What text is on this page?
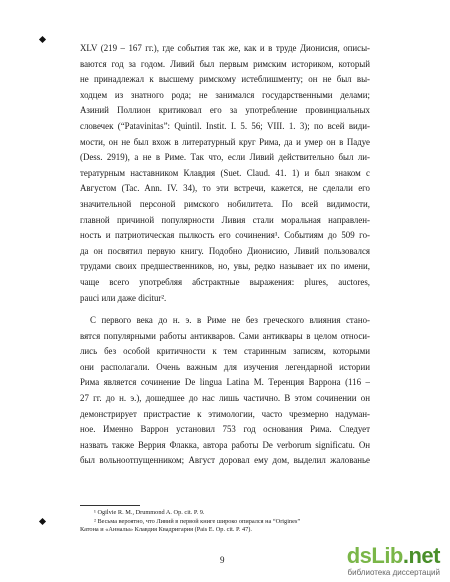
XLV (219 – 167 гг.), где события так же, как и в труде Дионисия, описы-
ваются год за годом. Ливий был первым римским историком, который
не принадлежал к высшему римскому истеблишменту; он не был вы-
ходцем из знатного рода; не занимался государственными делами;
Азиний Поллион критиковал его за употребление провинциальных
словечек (“Patavinitas”: Quintil. Instit. I. 5. 56; VIII. 1. 3); по всей види-
мости, он не был вхож в литературный круг Рима, да и умер он в Падуе
(Dess. 2919), а не в Риме. Так что, если Ливий действительно был ли-
тературным наставником Клавдия (Suet. Claud. 41. 1) и был знаком с
Августом (Tac. Ann. IV. 34), то эти встречи, кажется, не сделали его
значительной персоной римского нобилитета. По всей видимости,
главной причиной популярности Ливия стали моральная направлен-
ность и патриотическая пылкость его сочинения¹. Событиям до 509 го-
да он посвятил первую книгу. Подобно Дионисию, Ливий пользовался
трудами своих предшественников, но, увы, редко называет их по имени,
чаще всего употребляя абстрактные выражения: plures, auctores,
pauci или даже dicitur².
С первого века до н. э. в Риме не без греческого влияния стано-
вятся популярными работы антикваров. Сами антиквары в целом относи-
лись без особой критичности к тем старинным записям, которыми
они располагали. Очень важным для изучения легендарной истории
Рима является сочинение De lingua Latina М. Теренция Варрона (116 –
27 гг. до н. э.), дошедшее до нас лишь частично. В этом сочинении он
демонстрирует пристрастие к этимологии, часто чрезмерно надуман-
ное. Именно Варрон установил 753 год основания Рима. Следует
назвать также Веррия Флакка, автора работы De verborum significatu. Он
был вольноотпущенником; Август доровал ему дом, выделил жалованье
¹ Ogilvie R. M., Drummond A. Op. cit. P. 9.
² Весьма вероятно, что Ливий в первой книге широко опирался на “Origines”
Катона и «Анналы» Клавдия Квадригария (Pais E. Op. cit. P. 47).
9	dsLib.net
библиотека диссертаций
